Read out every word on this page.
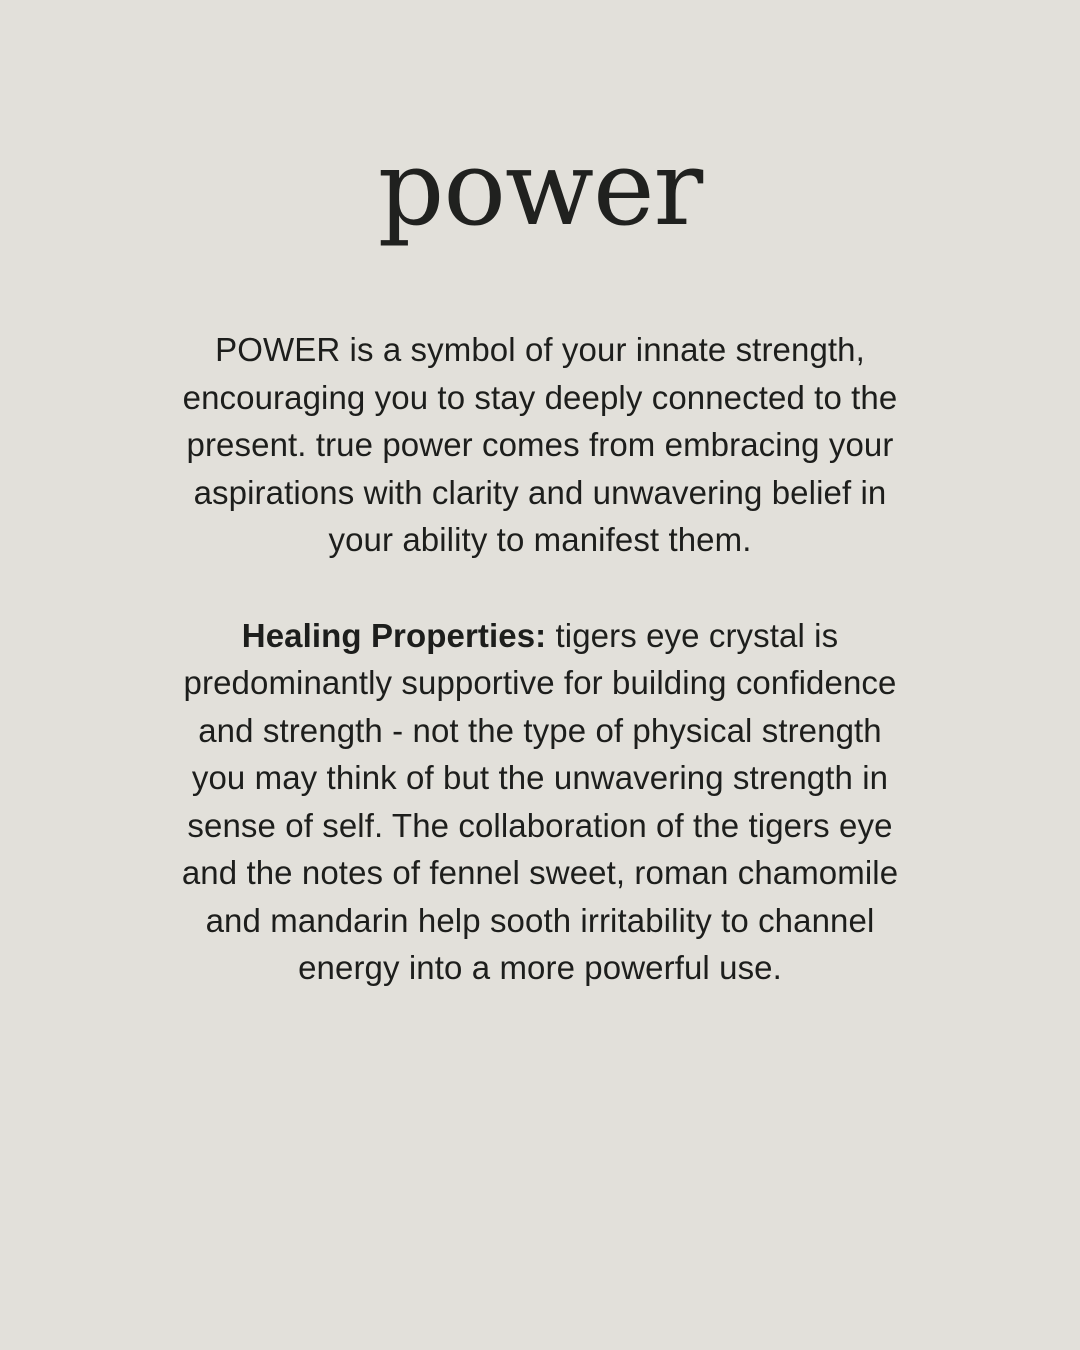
power

POWER is a symbol of your innate strength, encouraging you to stay deeply connected to the present. true power comes from embracing your aspirations with clarity and unwavering belief in your ability to manifest them.

Healing Properties: tigers eye crystal is predominantly supportive for building confidence and strength - not the type of physical strength you may think of but the unwavering strength in sense of self. The collaboration of the tigers eye and the notes of fennel sweet, roman chamomile and mandarin help sooth irritability to channel energy into a more powerful use.
